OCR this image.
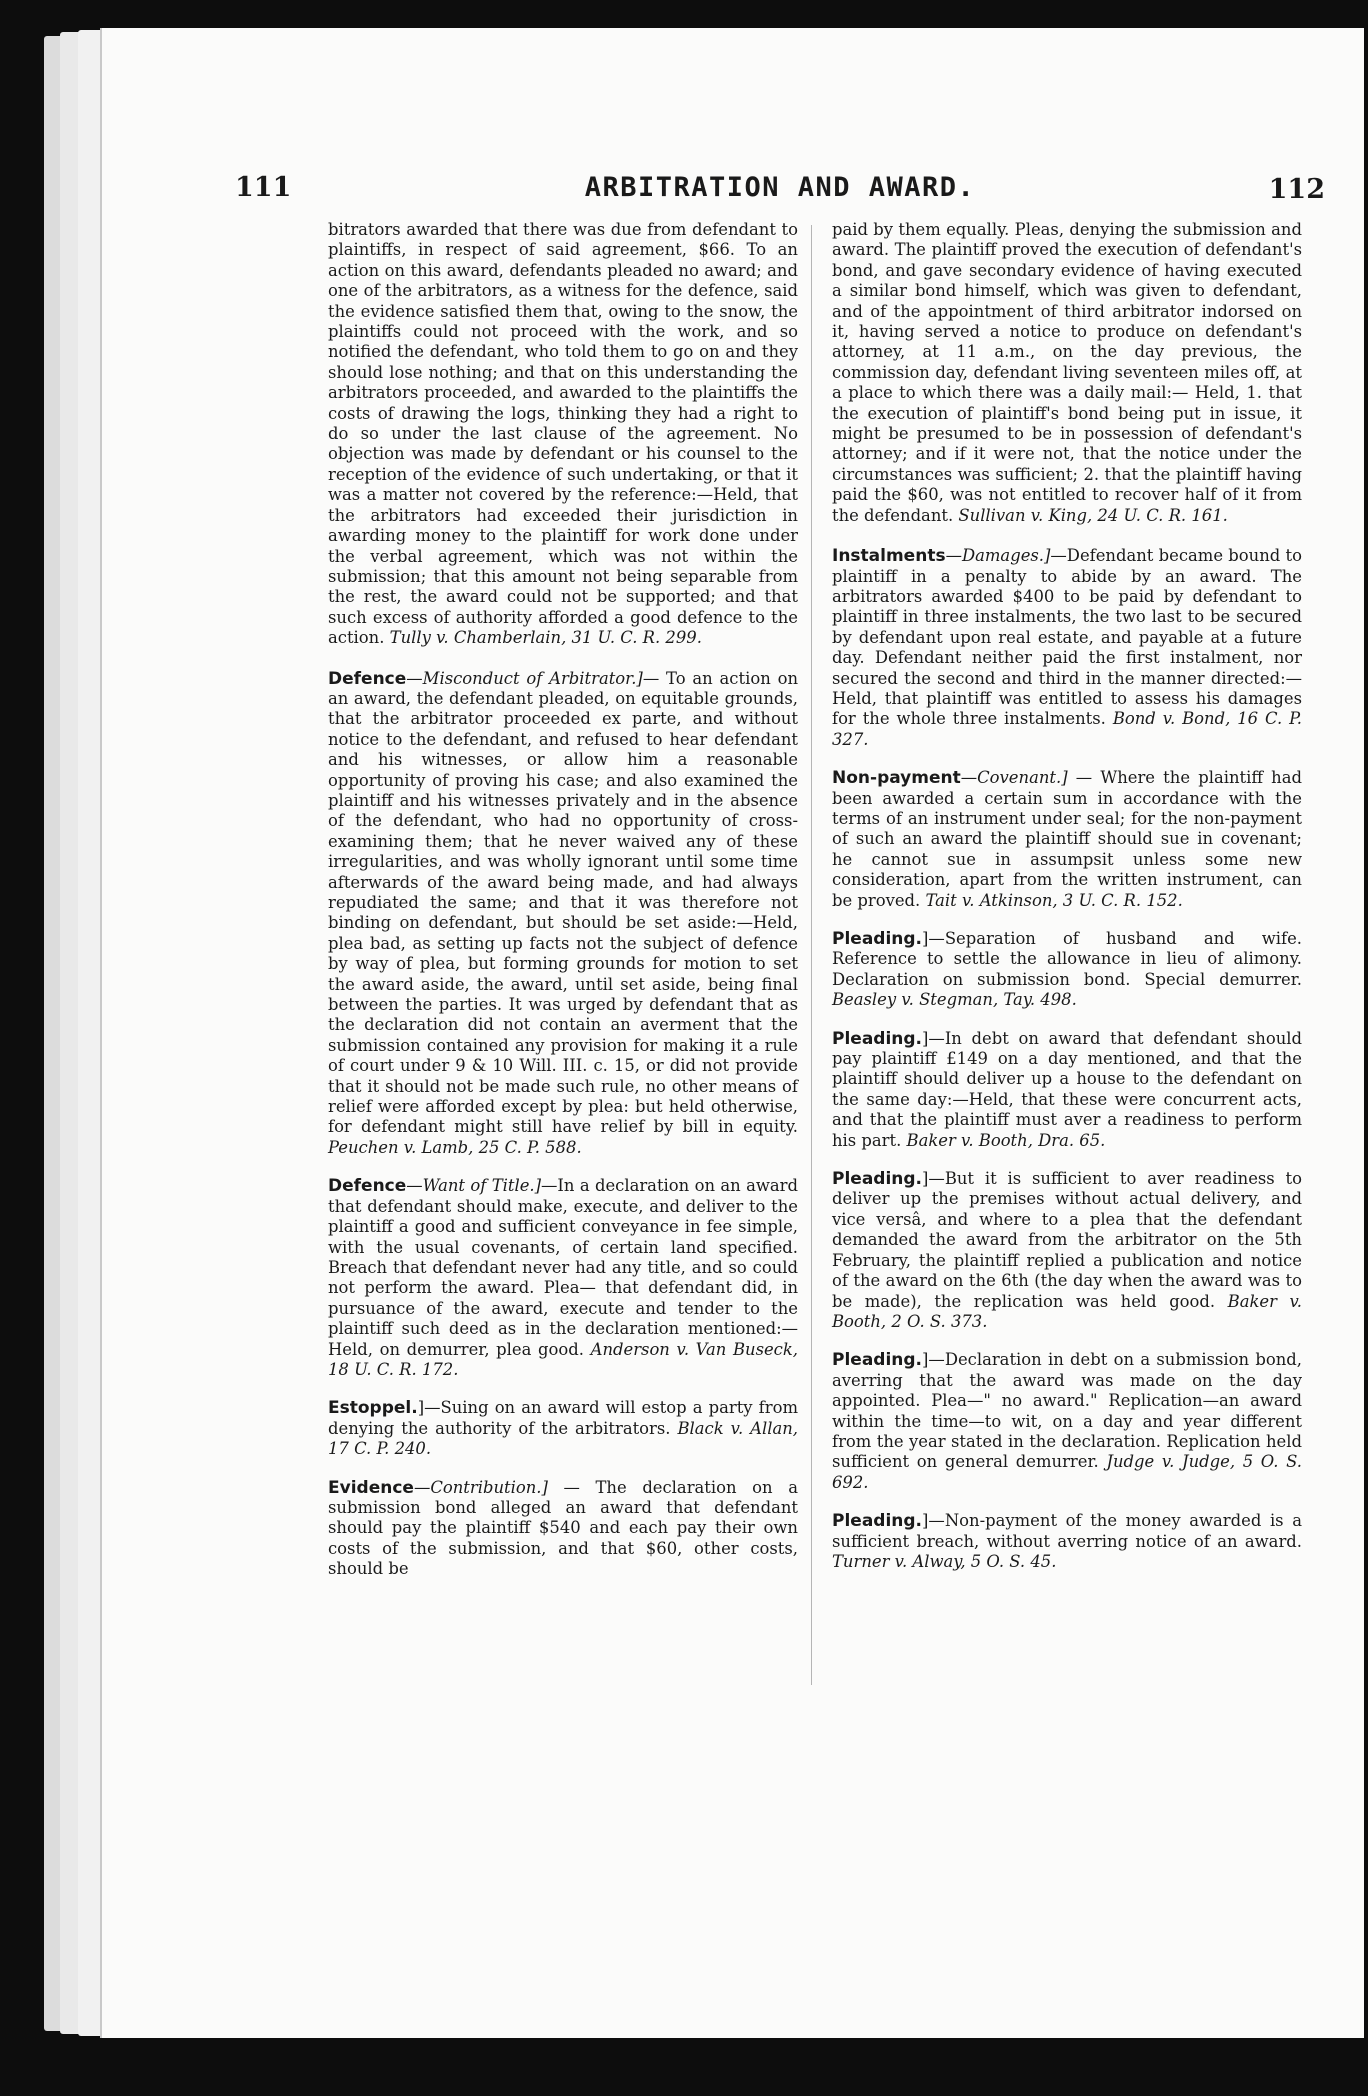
111	ARBITRATION AND AWARD.	112

bitrators awarded that there was due from defendant to plaintiffs, in respect of said agreement, $66. To an action on this award, defendants pleaded no award; and one of the arbitrators, as a witness for the defence, said the evidence satisfied them that, owing to the snow, the plaintiffs could not proceed with the work, and so notified the defendant, who told them to go on and they should lose nothing; and that on this understanding the arbitrators proceeded, and awarded to the plaintiffs the costs of drawing the logs, thinking they had a right to do so under the last clause of the agreement. No objection was made by defendant or his counsel to the reception of the evidence of such undertaking, or that it was a matter not covered by the reference:—Held, that the arbitrators had exceeded their jurisdiction in awarding money to the plaintiff for work done under the verbal agreement, which was not within the submission; that this amount not being separable from the rest, the award could not be supported; and that such excess of authority afforded a good defence to the action. Tully v. Chamberlain, 31 U. C. R. 299.

Defence—Misconduct of Arbitrator.]— To an action on an award, the defendant pleaded, on equitable grounds, that the arbitrator proceeded ex parte, and without notice to the defendant, and refused to hear defendant and his witnesses, or allow him a reasonable opportunity of proving his case; and also examined the plaintiff and his witnesses privately and in the absence of the defendant, who had no opportunity of cross-examining them; that he never waived any of these irregularities, and was wholly ignorant until some time afterwards of the award being made, and had always repudiated the same; and that it was therefore not binding on defendant, but should be set aside:—Held, plea bad, as setting up facts not the subject of defence by way of plea, but forming grounds for motion to set the award aside, the award, until set aside, being final between the parties. It was urged by defendant that as the declaration did not contain an averment that the submission contained any provision for making it a rule of court under 9 & 10 Will. III. c. 15, or did not provide that it should not be made such rule, no other means of relief were afforded except by plea: but held otherwise, for defendant might still have relief by bill in equity. Peuchen v. Lamb, 25 C. P. 588.

Defence—Want of Title.]—In a declaration on an award that defendant should make, execute, and deliver to the plaintiff a good and sufficient conveyance in fee simple, with the usual covenants, of certain land specified. Breach that defendant never had any title, and so could not perform the award. Plea— that defendant did, in pursuance of the award, execute and tender to the plaintiff such deed as in the declaration mentioned:— Held, on demurrer, plea good. Anderson v. Van Buseck, 18 U. C. R. 172.

Estoppel.]—Suing on an award will estop a party from denying the authority of the arbitrators. Black v. Allan, 17 C. P. 240.

Evidence—Contribution.] — The declaration on a submission bond alleged an award that defendant should pay the plaintiff $540 and each pay their own costs of the submission, and that $60, other costs, should be

paid by them equally. Pleas, denying the submission and award. The plaintiff proved the execution of defendant's bond, and gave secondary evidence of having executed a similar bond himself, which was given to defendant, and of the appointment of third arbitrator indorsed on it, having served a notice to produce on defendant's attorney, at 11 a.m., on the day previous, the commission day, defendant living seventeen miles off, at a place to which there was a daily mail:— Held, 1. that the execution of plaintiff's bond being put in issue, it might be presumed to be in possession of defendant's attorney; and if it were not, that the notice under the circumstances was sufficient; 2. that the plaintiff having paid the $60, was not entitled to recover half of it from the defendant. Sullivan v. King, 24 U. C. R. 161.

Instalments—Damages.]—Defendant became bound to plaintiff in a penalty to abide by an award. The arbitrators awarded $400 to be paid by defendant to plaintiff in three instalments, the two last to be secured by defendant upon real estate, and payable at a future day. Defendant neither paid the first instalment, nor secured the second and third in the manner directed:—Held, that plaintiff was entitled to assess his damages for the whole three instalments. Bond v. Bond, 16 C. P. 327.

Non-payment—Covenant.] — Where the plaintiff had been awarded a certain sum in accordance with the terms of an instrument under seal; for the non-payment of such an award the plaintiff should sue in covenant; he cannot sue in assumpsit unless some new consideration, apart from the written instrument, can be proved. Tait v. Atkinson, 3 U. C. R. 152.

Pleading.]—Separation of husband and wife. Reference to settle the allowance in lieu of alimony. Declaration on submission bond. Special demurrer. Beasley v. Stegman, Tay. 498.

Pleading.]—In debt on award that defendant should pay plaintiff £149 on a day mentioned, and that the plaintiff should deliver up a house to the defendant on the same day:—Held, that these were concurrent acts, and that the plaintiff must aver a readiness to perform his part. Baker v. Booth, Dra. 65.

Pleading.]—But it is sufficient to aver readiness to deliver up the premises without actual delivery, and vice versâ, and where to a plea that the defendant demanded the award from the arbitrator on the 5th February, the plaintiff replied a publication and notice of the award on the 6th (the day when the award was to be made), the replication was held good. Baker v. Booth, 2 O. S. 373.

Pleading.]—Declaration in debt on a submission bond, averring that the award was made on the day appointed. Plea—" no award." Replication—an award within the time—to wit, on a day and year different from the year stated in the declaration. Replication held sufficient on general demurrer. Judge v. Judge, 5 O. S. 692.

Pleading.]—Non-payment of the money awarded is a sufficient breach, without averring notice of an award. Turner v. Alway, 5 O. S. 45.
